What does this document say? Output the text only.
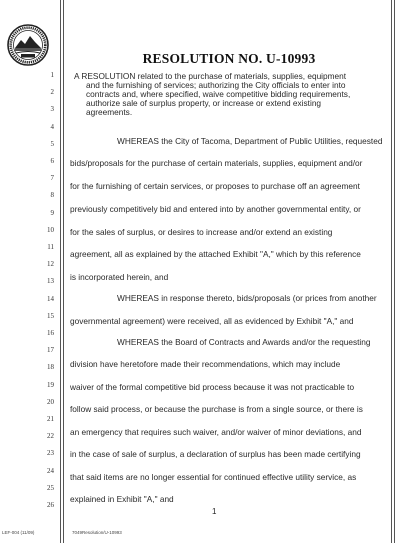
1
2
3
4
5
6
7
8
9
10
11
12
13
14
15
16
17
18
19
20
21
22
23
24
25
26
RESOLUTION NO. U-10993
A RESOLUTION related to the purchase of materials, supplies, equipment
and the furnishing of services; authorizing the City officials to enter into
contracts and, where specified, waive competitive bidding requirements,
authorize sale of surplus property, or increase or extend existing
agreements.
WHEREAS the City of Tacoma, Department of Public Utilities, requested
bids/proposals for the purchase of certain materials, supplies, equipment and/or
for the furnishing of certain services, or proposes to purchase off an agreement
previously competitively bid and entered into by another governmental entity, or
for the sales of surplus, or desires to increase and/or extend an existing
agreement, all as explained by the attached Exhibit "A," which by this reference
is incorporated herein, and
WHEREAS in response thereto, bids/proposals (or prices from another
governmental agreement) were received, all as evidenced by Exhibit "A," and
WHEREAS the Board of Contracts and Awards and/or the requesting
division have heretofore made their recommendations, which may include
waiver of the formal competitive bid process because it was not practicable to
follow said process, or because the purchase is from a single source, or there is
an emergency that requires such waiver, and/or waiver of minor deviations, and
in the case of sale of surplus, a declaration of surplus has been made certifying
that said items are no longer essential for continued effective utility service, as
explained in Exhibit "A," and
1
LEF-004 (11/09)	7049Resolution/U-10993
